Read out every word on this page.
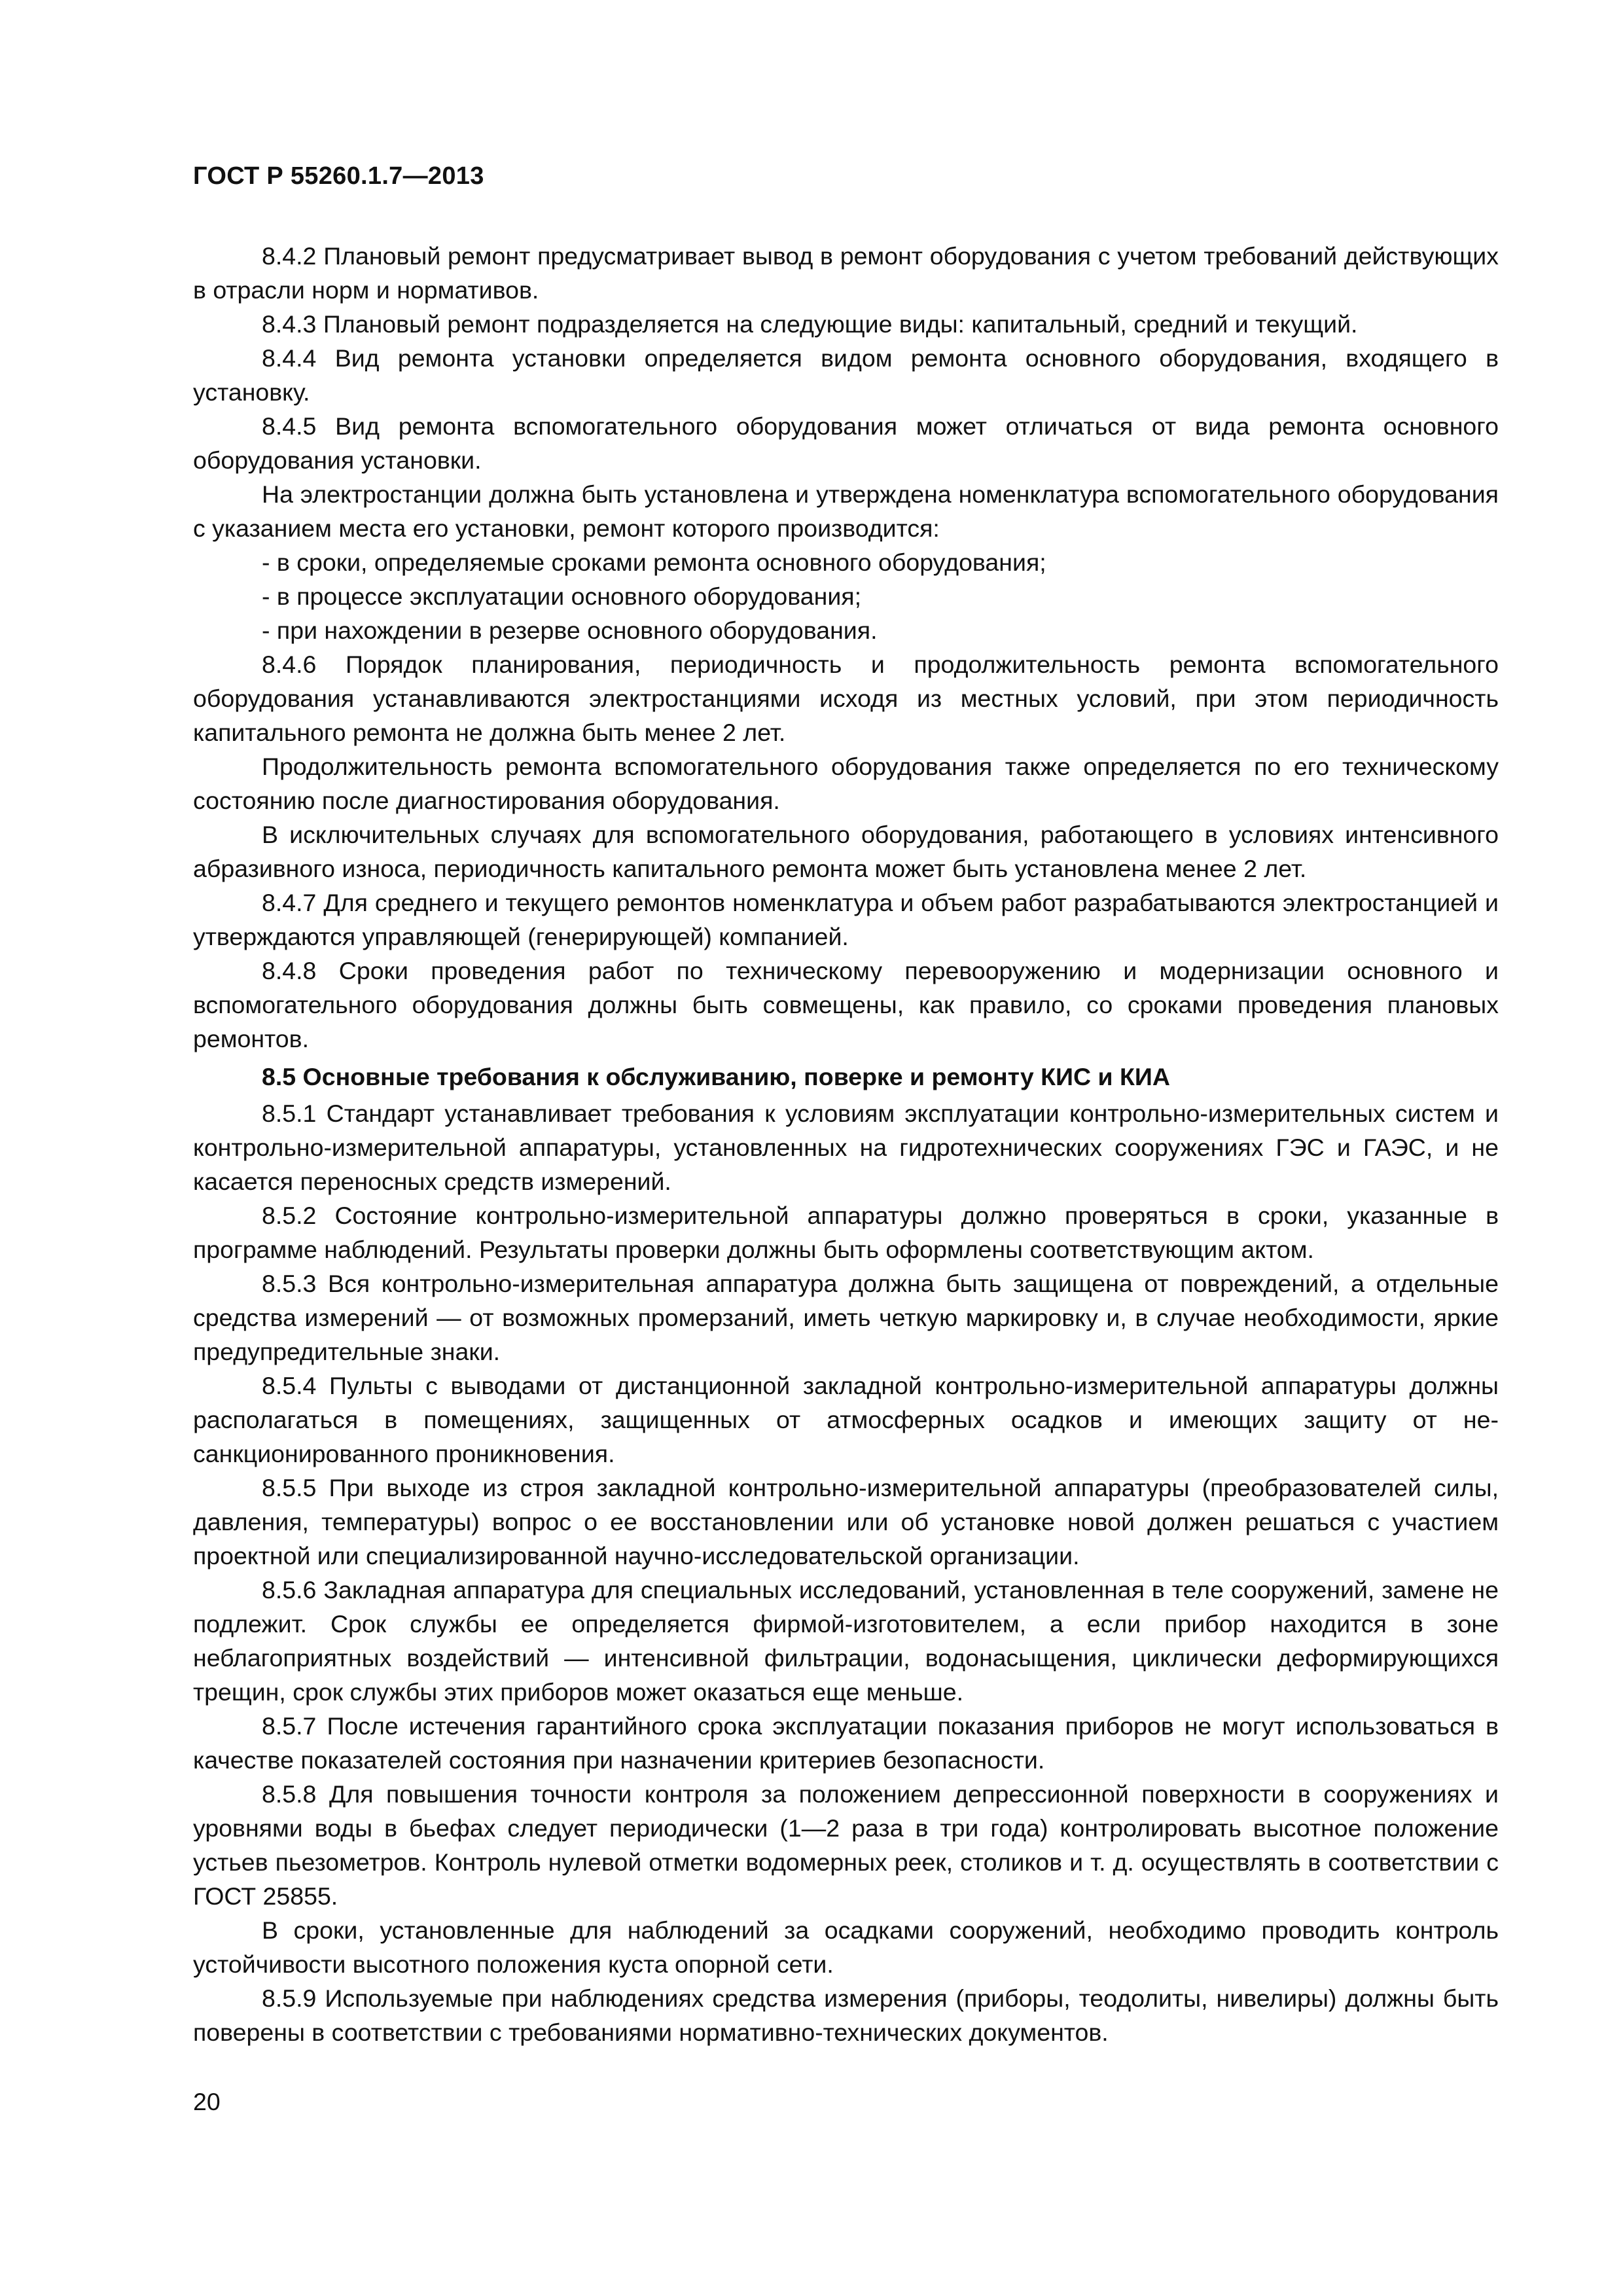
ГОСТ Р 55260.1.7—2013

8.4.2 Плановый ремонт предусматривает вывод в ремонт оборудования с учетом требований действующих в отрасли норм и нормативов.

8.4.3 Плановый ремонт подразделяется на следующие виды: капитальный, средний и текущий.

8.4.4 Вид ремонта установки определяется видом ремонта основного оборудования, входящего в установку.

8.4.5 Вид ремонта вспомогательного оборудования может отличаться от вида ремонта основного оборудования установки.

На электростанции должна быть установлена и утверждена номенклатура вспомогательного оборудования с указанием места его установки, ремонт которого производится:

- в сроки, определяемые сроками ремонта основного оборудования;

- в процессе эксплуатации основного оборудования;

- при нахождении в резерве основного оборудования.

8.4.6 Порядок планирования, периодичность и продолжительность ремонта вспомогательного оборудования устанавливаются электростанциями исходя из местных условий, при этом периодичность капитального ремонта не должна быть менее 2 лет.

Продолжительность ремонта вспомогательного оборудования также определяется по его техническому состоянию после диагностирования оборудования.

В исключительных случаях для вспомогательного оборудования, работающего в условиях интенсивного абразивного износа, периодичность капитального ремонта может быть установлена менее 2 лет.

8.4.7 Для среднего и текущего ремонтов номенклатура и объем работ разрабатываются электростанцией и утверждаются управляющей (генерирующей) компанией.

8.4.8 Сроки проведения работ по техническому перевооружению и модернизации основного и вспомогательного оборудования должны быть совмещены, как правило, со сроками проведения плановых ремонтов.

8.5 Основные требования к обслуживанию, поверке и ремонту КИС и КИА

8.5.1 Стандарт устанавливает требования к условиям эксплуатации контрольно-измерительных систем и контрольно-измерительной аппаратуры, установленных на гидротехнических сооружениях ГЭС и ГАЭС, и не касается переносных средств измерений.

8.5.2 Состояние контрольно-измерительной аппаратуры должно проверяться в сроки, указанные в программе наблюдений. Результаты проверки должны быть оформлены соответствующим актом.

8.5.3 Вся контрольно-измерительная аппаратура должна быть защищена от повреждений, а отдельные средства измерений — от возможных промерзаний, иметь четкую маркировку и, в случае необходимости, яркие предупредительные знаки.

8.5.4 Пульты с выводами от дистанционной закладной контрольно-измерительной аппаратуры должны располагаться в помещениях, защищенных от атмосферных осадков и имеющих защиту от несанкционированного проникновения.

8.5.5 При выходе из строя закладной контрольно-измерительной аппаратуры (преобразователей силы, давления, температуры) вопрос о ее восстановлении или об установке новой должен решаться с участием проектной или специализированной научно-исследовательской организации.

8.5.6 Закладная аппаратура для специальных исследований, установленная в теле сооружений, замене не подлежит. Срок службы ее определяется фирмой-изготовителем, а если прибор находится в зоне неблагоприятных воздействий — интенсивной фильтрации, водонасыщения, циклически деформирующихся трещин, срок службы этих приборов может оказаться еще меньше.

8.5.7 После истечения гарантийного срока эксплуатации показания приборов не могут использоваться в качестве показателей состояния при назначении критериев безопасности.

8.5.8 Для повышения точности контроля за положением депрессионной поверхности в сооружениях и уровнями воды в бьефах следует периодически (1—2 раза в три года) контролировать высотное положение устьев пьезометров. Контроль нулевой отметки водомерных реек, столиков и т. д. осуществлять в соответствии с ГОСТ 25855.

В сроки, установленные для наблюдений за осадками сооружений, необходимо проводить контроль устойчивости высотного положения куста опорной сети.

8.5.9 Используемые при наблюдениях средства измерения (приборы, теодолиты, нивелиры) должны быть поверены в соответствии с требованиями нормативно-технических документов.

20
